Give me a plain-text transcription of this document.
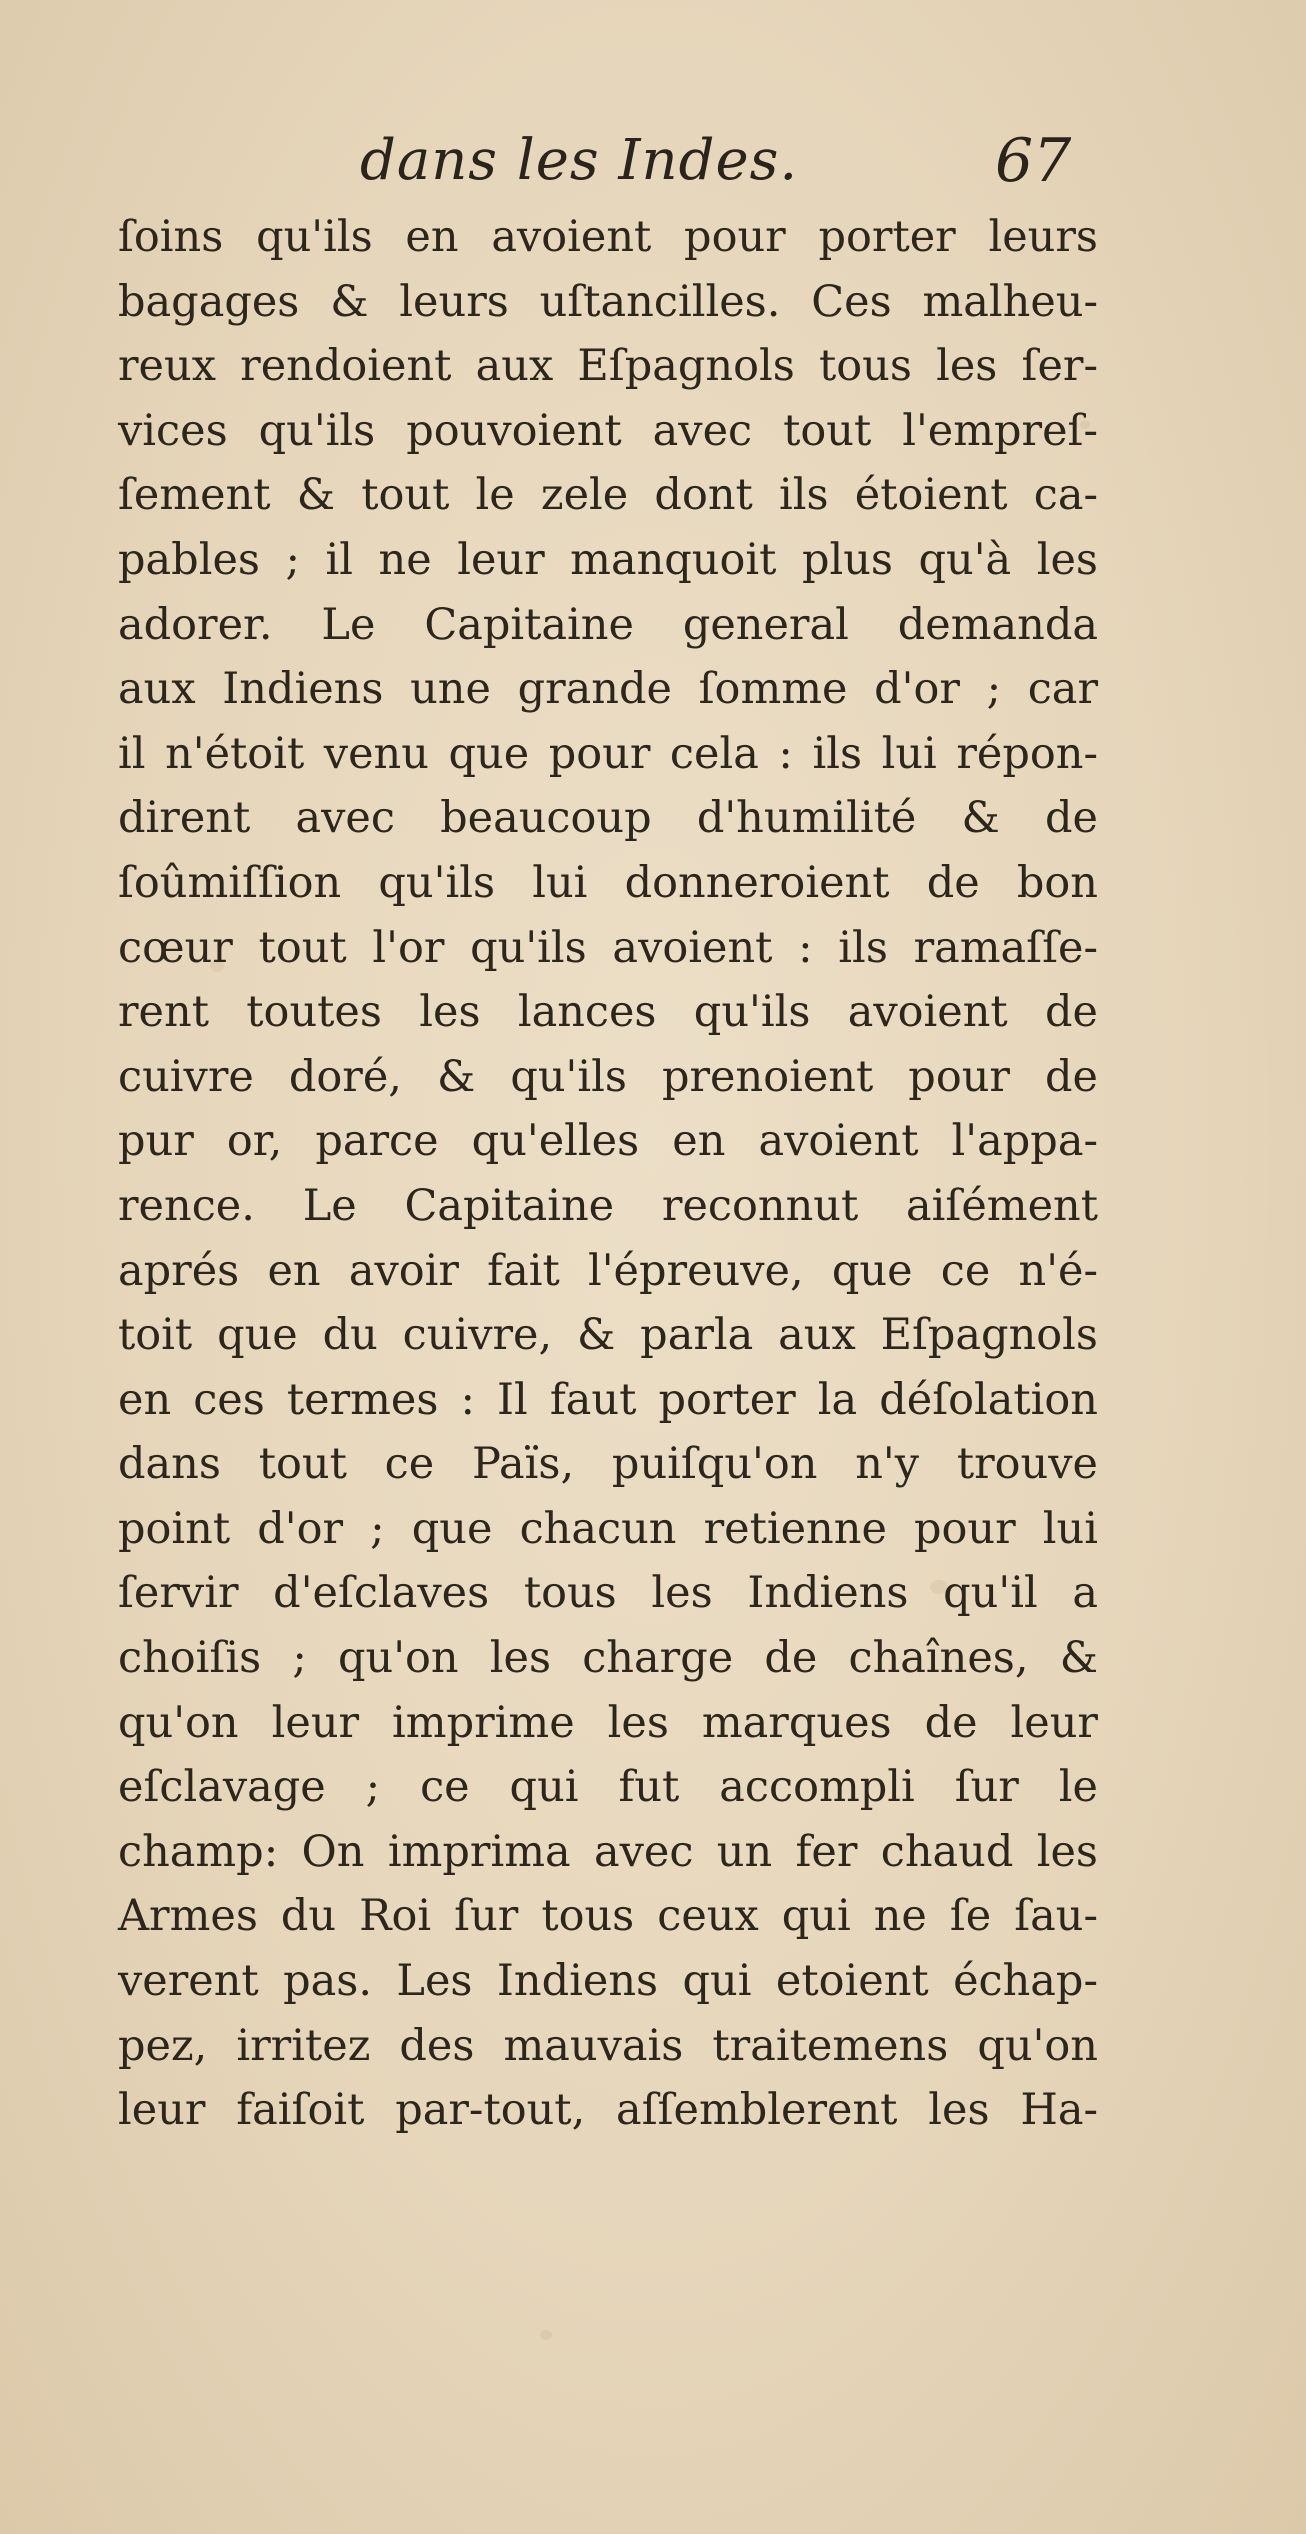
dans les Indes.	67
ſoins qu'ils en avoient pour porter leurs
bagages & leurs uſtancilles. Ces malheu-
reux rendoient aux Eſpagnols tous les ſer-
vices qu'ils pouvoient avec tout l'empreſ-
ſement & tout le zele dont ils étoient ca-
pables ; il ne leur manquoit plus qu'à les
adorer. Le Capitaine general demanda
aux Indiens une grande ſomme d'or ; car
il n'étoit venu que pour cela : ils lui répon-
dirent avec beaucoup d'humilité & de
ſoûmiſſion qu'ils lui donneroient de bon
cœur tout l'or qu'ils avoient : ils ramaſſe-
rent toutes les lances qu'ils avoient de
cuivre doré, & qu'ils prenoient pour de
pur or, parce qu'elles en avoient l'appa-
rence. Le Capitaine reconnut aiſément
aprés en avoir fait l'épreuve, que ce n'é-
toit que du cuivre, & parla aux Eſpagnols
en ces termes : Il faut porter la déſolation
dans tout ce Païs, puiſqu'on n'y trouve
point d'or ; que chacun retienne pour lui
ſervir d'eſclaves tous les Indiens qu'il a
choiſis ; qu'on les charge de chaînes, &
qu'on leur imprime les marques de leur
eſclavage ; ce qui fut accompli ſur le
champ: On imprima avec un fer chaud les
Armes du Roi ſur tous ceux qui ne ſe ſau-
verent pas. Les Indiens qui etoient échap-
pez, irritez des mauvais traitemens qu'on
leur faiſoit par-tout, aſſemblerent les Ha-
